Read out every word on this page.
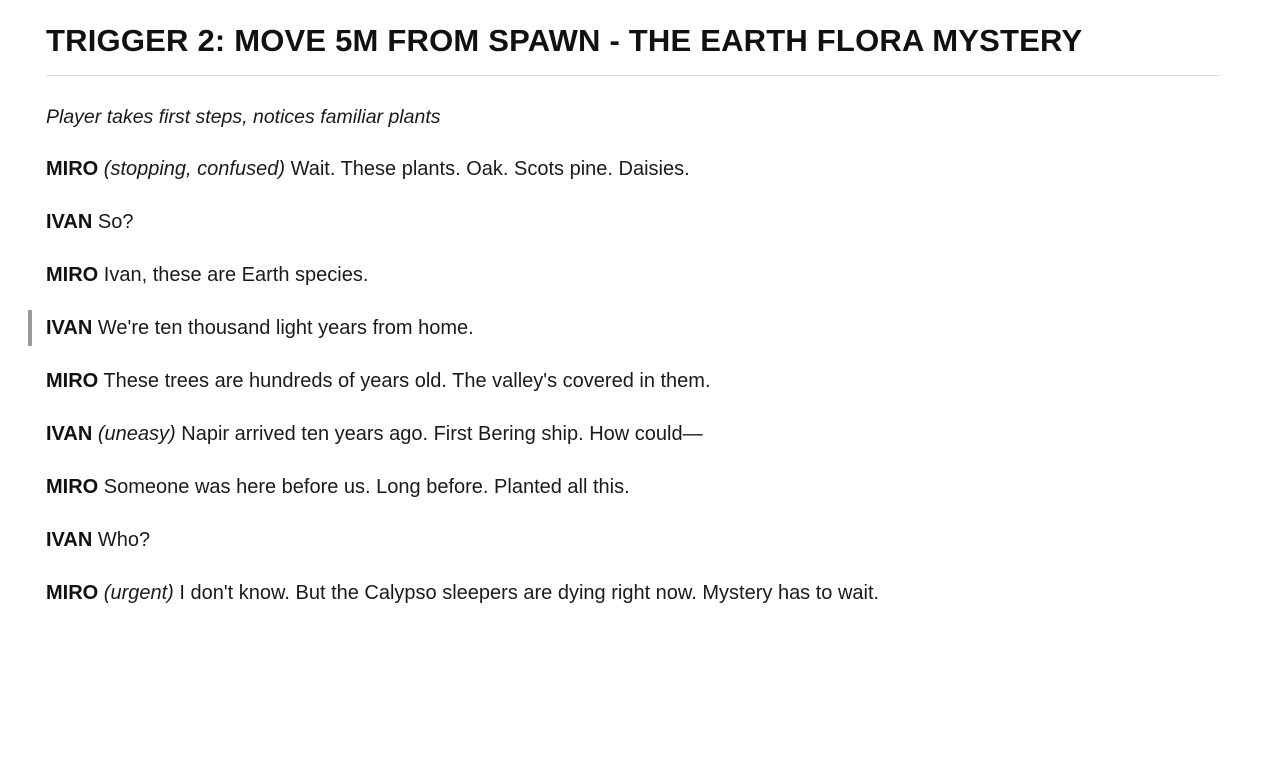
TRIGGER 2: MOVE 5M FROM SPAWN - THE EARTH FLORA MYSTERY

Player takes first steps, notices familiar plants

MIRO (stopping, confused) Wait. These plants. Oak. Scots pine. Daisies.

IVAN So?

MIRO Ivan, these are Earth species.

IVAN We're ten thousand light years from home.

MIRO These trees are hundreds of years old. The valley's covered in them.

IVAN (uneasy) Napir arrived ten years ago. First Bering ship. How could—

MIRO Someone was here before us. Long before. Planted all this.

IVAN Who?

MIRO (urgent) I don't know. But the Calypso sleepers are dying right now. Mystery has to wait.
